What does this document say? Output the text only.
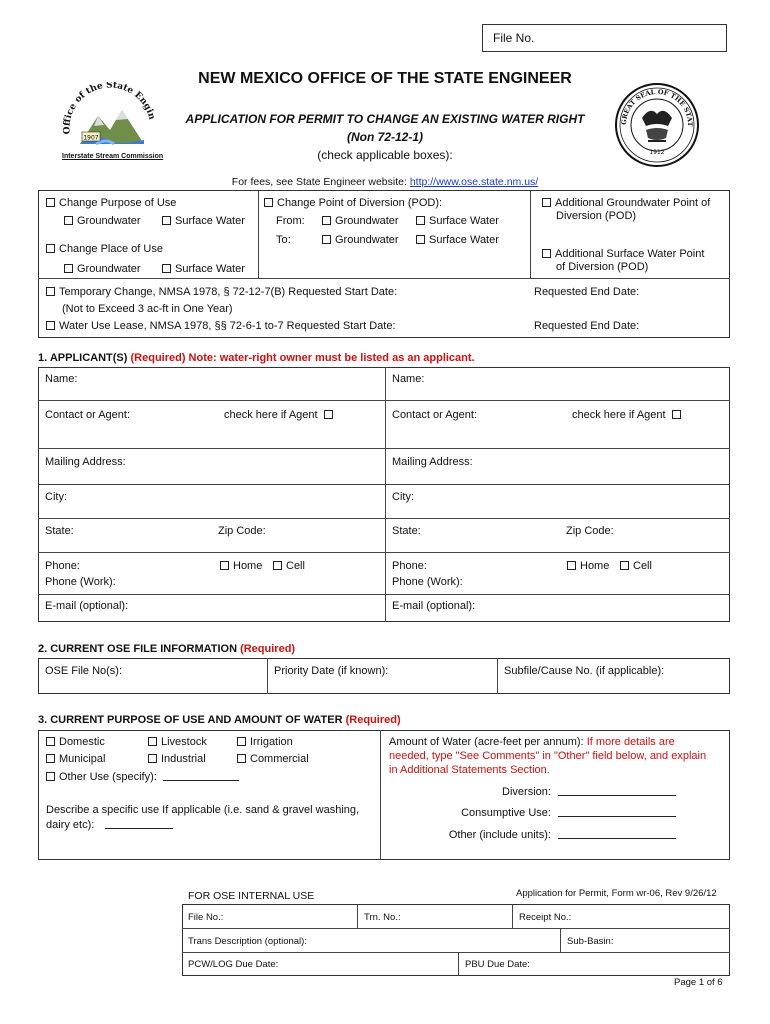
File No.
Office of the State Engin
1907
Interstate Stream Commission
GREAT SEAL OF THE STAT
1912
NEW MEXICO OFFICE OF THE STATE ENGINEER
APPLICATION FOR PERMIT TO CHANGE AN EXISTING WATER RIGHT
(Non 72-12-1)
(check applicable boxes):
For fees, see State Engineer website: http://www.ose.state.nm.us/
Change Purpose of Use
Groundwater	Surface Water
Change Place of Use
Groundwater	Surface Water
Change Point of Diversion (POD):
From:	Groundwater	Surface Water
To:	Groundwater	Surface Water
Additional Groundwater Point of
Diversion (POD)
Additional Surface Water Point
of Diversion (POD)
Temporary Change, NMSA 1978, § 72-12-7(B) Requested Start Date:	Requested End Date:
(Not to Exceed 3 ac-ft in One Year)
Water Use Lease, NMSA 1978, §§ 72-6-1 to-7 Requested Start Date:	Requested End Date:
1. APPLICANT(S) (Required) Note: water-right owner must be listed as an applicant.
Name:	Name:
Contact or Agent:	check here if Agent	Contact or Agent:	check here if Agent
Mailing Address:	Mailing Address:
City:	City:
State:	Zip Code:	State:	Zip Code:
Phone:	Home	Cell
Phone (Work):
Phone:	Home	Cell
Phone (Work):
E-mail (optional):	E-mail (optional):
2. CURRENT OSE FILE INFORMATION (Required)
OSE File No(s):	Priority Date (if known):	Subfile/Cause No. (if applicable):
3. CURRENT PURPOSE OF USE AND AMOUNT OF WATER (Required)
Domestic	Livestock	Irrigation
Municipal	Industrial	Commercial
Other Use (specify):
Describe a specific use If applicable (i.e. sand & gravel washing,
dairy etc):
Amount of Water (acre-feet per annum): If more details are
needed, type "See Comments" in "Other" field below, and explain
in Additional Statements Section.
Diversion:
Consumptive Use:
Other (include units):
FOR OSE INTERNAL USE	Application for Permit, Form wr-06, Rev 9/26/12
File No.:	Trn. No.:	Receipt No.:
Trans Description (optional):	Sub-Basin:
PCW/LOG Due Date:	PBU Due Date:
Page 1 of 6
